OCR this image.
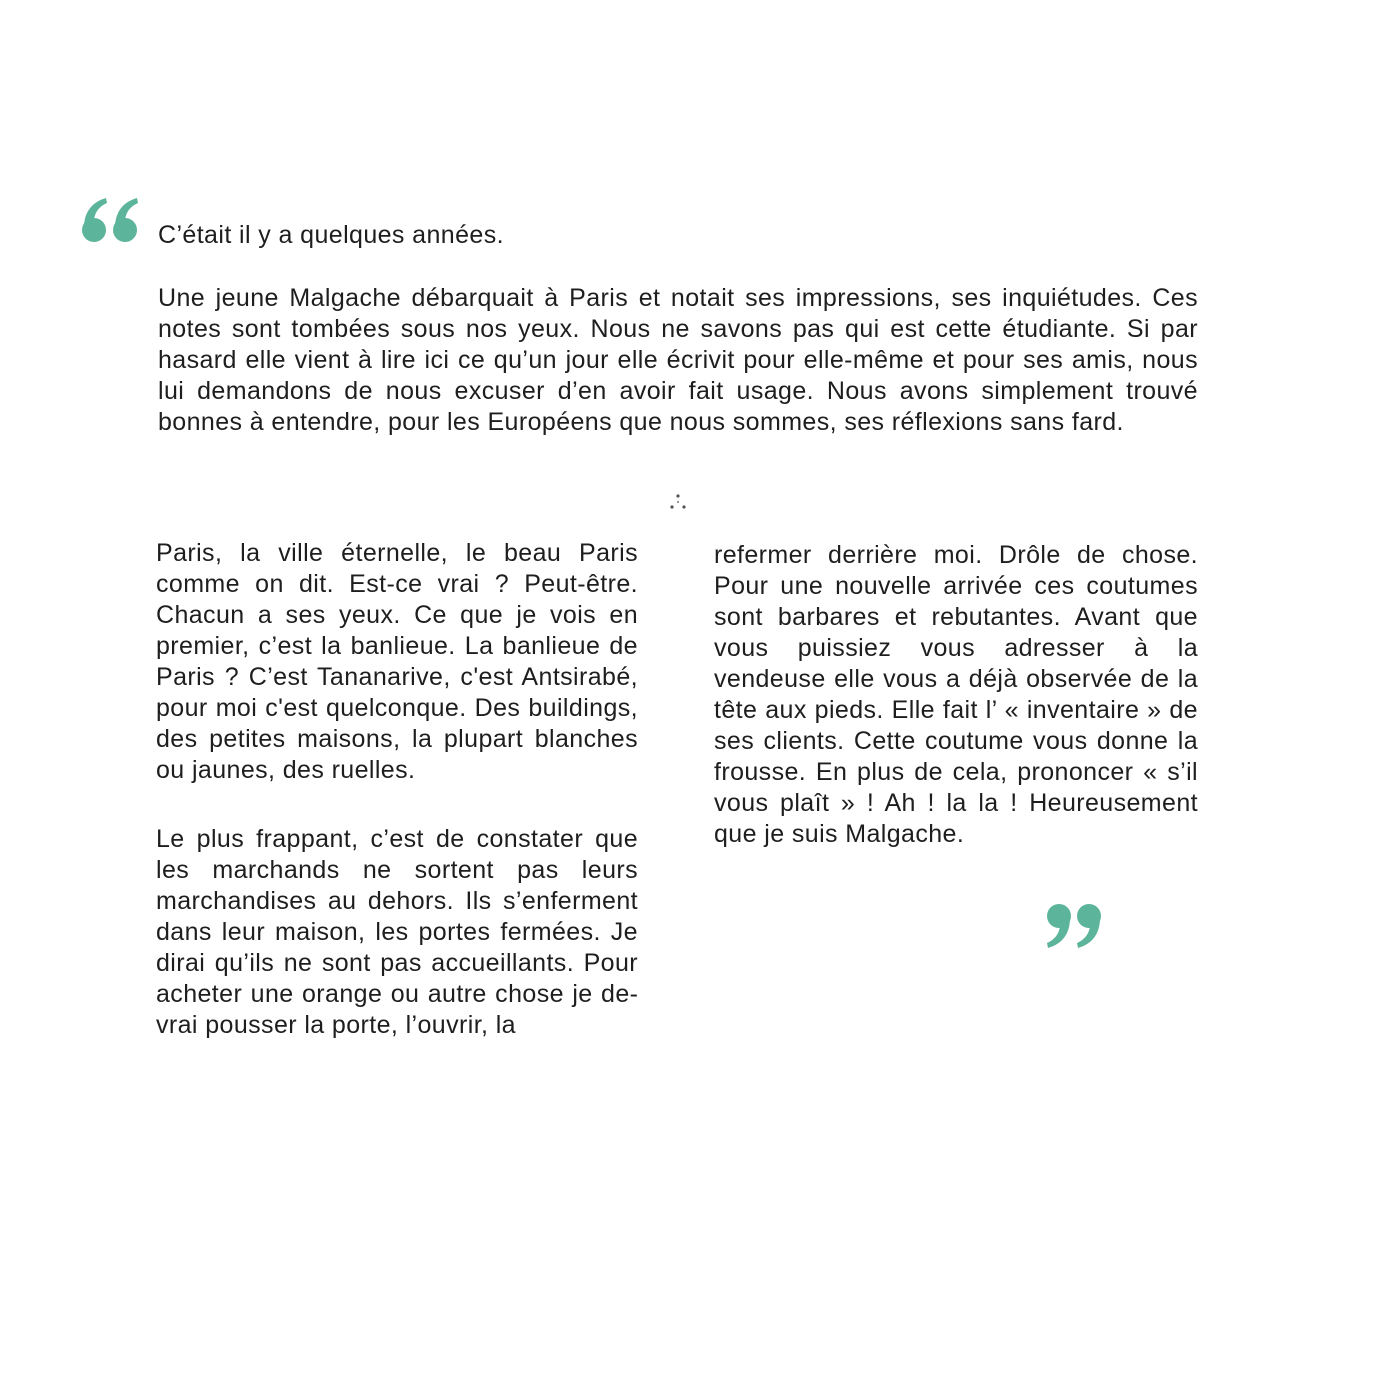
C’était il y a quelques années.

Une jeune Malgache débarquait à Paris et notait ses impressions, ses inquiétudes. Ces notes sont tombées sous nos yeux. Nous ne savons pas qui est cette étudiante. Si par hasard elle vient à lire ici ce qu’un jour elle écrivit pour elle-même et pour ses amis, nous lui demandons de nous excuser d’en avoir fait usage. Nous avons simplement trouvé bonnes à entendre, pour les Européens que nous sommes, ses réflexions sans fard.

Paris, la ville éternelle, le beau Paris comme on dit. Est-ce vrai ? Peut-être. Chacun a ses yeux. Ce que je vois en premier, c’est la banlieue. La banlieue de Paris ? C’est Tananarive, c'est Antsirabé, pour moi c'est quelconque. Des buildings, des petites maisons, la plupart blanches ou jaunes, des ruelles.

Le plus frappant, c’est de constater que les marchands ne sortent pas leurs marchandises au dehors. Ils s’enferment dans leur maison, les portes fermées. Je dirai qu’ils ne sont pas accueillants. Pour acheter une orange ou autre chose je devrai pousser la porte, l’ouvrir, la

refermer derrière moi. Drôle de chose. Pour une nouvelle arrivée ces coutumes sont barbares et rebutantes. Avant que vous puissiez vous adresser à la vendeuse elle vous a déjà observée de la tête aux pieds. Elle fait l’ « inventaire » de ses clients. Cette coutume vous donne la frousse. En plus de cela, prononcer « s’il vous plaît » ! Ah ! la la ! Heureusement que je suis Malgache.
